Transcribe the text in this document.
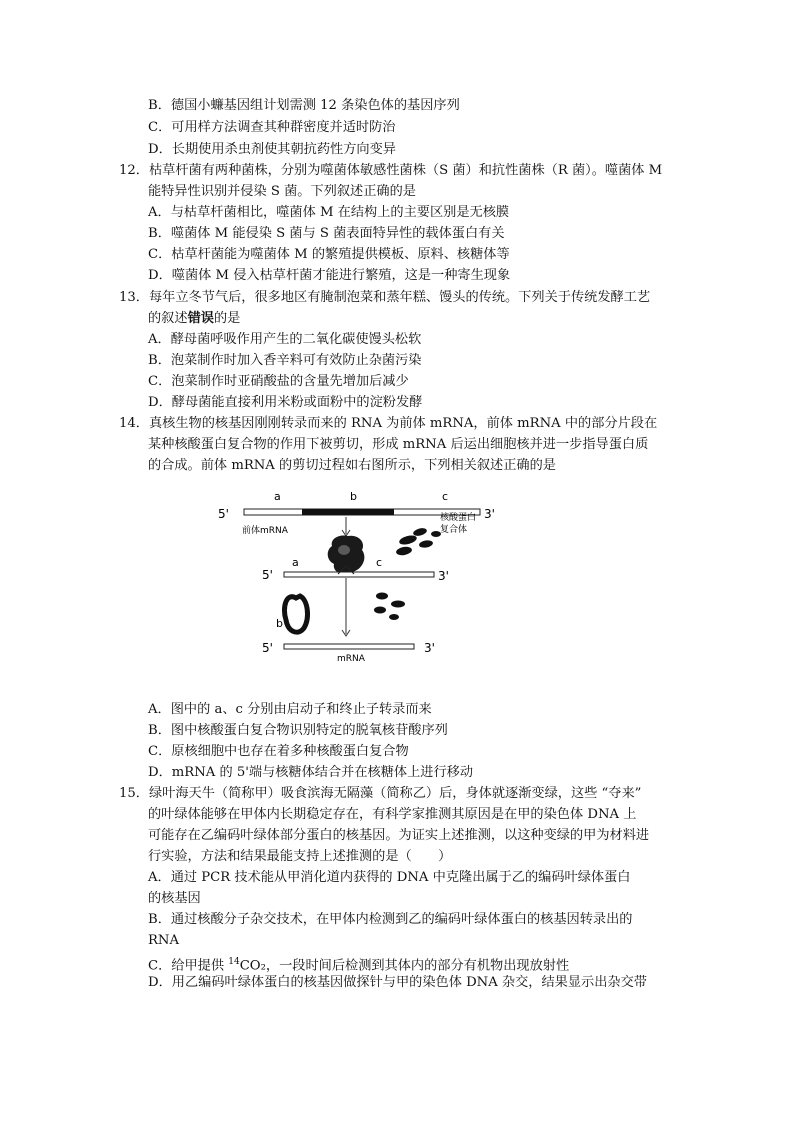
B．德国小蠊基因组计划需测 12 条染色体的基因序列
C．可用样方法调查其种群密度并适时防治
D．长期使用杀虫剂使其朝抗药性方向变异
12．枯草杆菌有两种菌株，分别为噬菌体敏感性菌株（S 菌）和抗性菌株（R 菌）。噬菌体 M
能特异性识别并侵染 S 菌。下列叙述正确的是
A．与枯草杆菌相比，噬菌体 M 在结构上的主要区别是无核膜
B．噬菌体 M 能侵染 S 菌与 S 菌表面特异性的载体蛋白有关
C．枯草杆菌能为噬菌体 M 的繁殖提供模板、原料、核糖体等
D．噬菌体 M 侵入枯草杆菌才能进行繁殖，这是一种寄生现象
13．每年立冬节气后，很多地区有腌制泡菜和蒸年糕、馒头的传统。下列关于传统发酵工艺
的叙述错误的是
A．酵母菌呼吸作用产生的二氧化碳使馒头松软
B．泡菜制作时加入香辛料可有效防止杂菌污染
C．泡菜制作时亚硝酸盐的含量先增加后减少
D．酵母菌能直接利用米粉或面粉中的淀粉发酵
14．真核生物的核基因刚刚转录而来的 RNA 为前体 mRNA，前体 mRNA 中的部分片段在
某种核酸蛋白复合物的作用下被剪切，形成 mRNA 后运出细胞核并进一步指导蛋白质
的合成。前体 mRNA 的剪切过程如右图所示，下列相关叙述正确的是
5'
a	b	c
3'
前体mRNA
核酸蛋白
复合体
5'
a	c
3'
b
5'	3'
mRNA
A．图中的 a、c 分别由启动子和终止子转录而来
B．图中核酸蛋白复合物识别特定的脱氧核苷酸序列
C．原核细胞中也存在着多种核酸蛋白复合物
D．mRNA 的 5'端与核糖体结合并在核糖体上进行移动
15．绿叶海天牛（简称甲）吸食滨海无隔藻（简称乙）后，身体就逐渐变绿，这些 “夺来”
的叶绿体能够在甲体内长期稳定存在，有科学家推测其原因是在甲的染色体 DNA 上
可能存在乙编码叶绿体部分蛋白的核基因。为证实上述推测，以这种变绿的甲为材料进
行实验，方法和结果最能支持上述推测的是（　　）
A．通过 PCR 技术能从甲消化道内获得的 DNA 中克隆出属于乙的编码叶绿体蛋白
的核基因
B．通过核酸分子杂交技术，在甲体内检测到乙的编码叶绿体蛋白的核基因转录出的
RNA
C．给甲提供 $^{14}$CO₂，一段时间后检测到其体内的部分有机物出现放射性
D．用乙编码叶绿体蛋白的核基因做探针与甲的染色体 DNA 杂交，结果显示出杂交带
